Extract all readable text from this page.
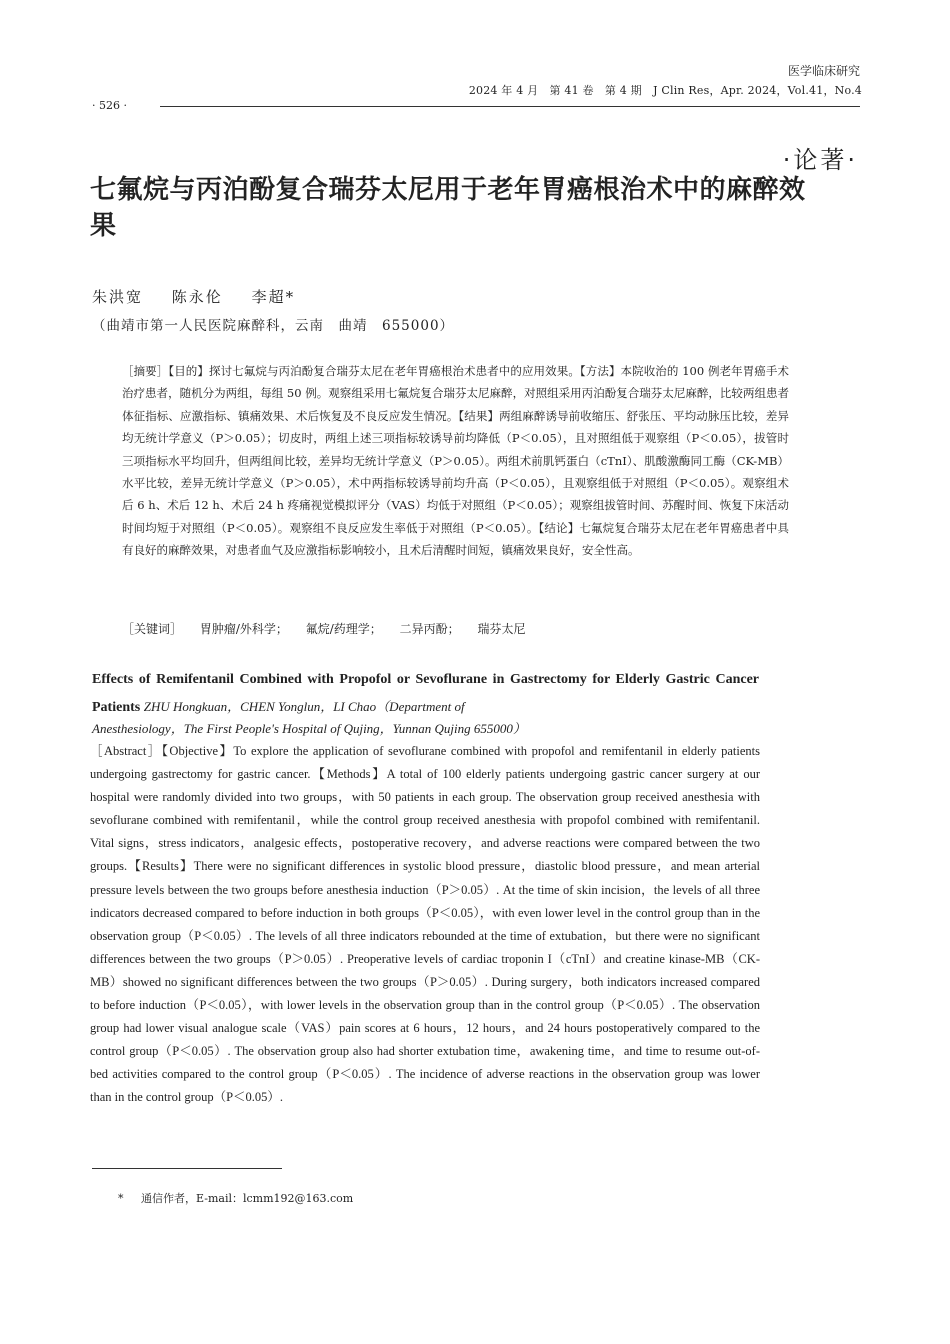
医学临床研究
2024 年 4 月　第 41 卷　第 4 期　J Clin Res，Apr. 2024，Vol.41，No.4
· 526 ·
·论著·
七氟烷与丙泊酚复合瑞芬太尼用于老年胃癌根治术中的麻醉效果
朱洪宽 陈永伦 李超*
（曲靖市第一人民医院麻醉科，云南　曲靖　655000）
［摘要］【目的】探讨七氟烷与丙泊酚复合瑞芬太尼在老年胃癌根治术患者中的应用效果。【方法】本院收治的 100 例老年胃癌手术治疗患者，随机分为两组，每组 50 例。观察组采用七氟烷复合瑞芬太尼麻醉，对照组采用丙泊酚复合瑞芬太尼麻醉，比较两组患者体征指标、应激指标、镇痛效果、术后恢复及不良反应发生情况。【结果】两组麻醉诱导前收缩压、舒张压、平均动脉压比较，差异均无统计学意义（P＞0.05）；切皮时，两组上述三项指标较诱导前均降低（P＜0.05），且对照组低于观察组（P＜0.05），拔管时三项指标水平均回升，但两组间比较，差异均无统计学意义（P＞0.05）。两组术前肌钙蛋白（cTnI）、肌酸激酶同工酶（CK-MB）水平比较，差异无统计学意义（P＞0.05），术中两指标较诱导前均升高（P＜0.05），且观察组低于对照组（P＜0.05）。观察组术后 6 h、术后 12 h、术后 24 h 疼痛视觉模拟评分（VAS）均低于对照组（P＜0.05）；观察组拔管时间、苏醒时间、恢复下床活动时间均短于对照组（P＜0.05）。观察组不良反应发生率低于对照组（P＜0.05）。【结论】七氟烷复合瑞芬太尼在老年胃癌患者中具有良好的麻醉效果，对患者血气及应激指标影响较小，且术后清醒时间短，镇痛效果良好，安全性高。
［关键词］ 胃肿瘤/外科学； 氟烷/药理学； 二异丙酚； 瑞芬太尼
Effects of Remifentanil Combined with Propofol or Sevoflurane in Gastrectomy for Elderly Gastric Cancer Patients ZHU Hongkuan，CHEN Yonglun，LI Chao（Department of
Anesthesiology，The First People's Hospital of Qujing，Yunnan Qujing 655000）
［Abstract］【Objective】To explore the application of sevoflurane combined with propofol and remifentanil in elderly patients undergoing gastrectomy for gastric cancer.【Methods】A total of 100 elderly patients undergoing gastric cancer surgery at our hospital were randomly divided into two groups，with 50 patients in each group. The observation group received anesthesia with sevoflurane combined with remifentanil，while the control group received anesthesia with propofol combined with remifentanil. Vital signs，stress indicators，analgesic effects，postoperative recovery，and adverse reactions were compared between the two groups.【Results】There were no significant differences in systolic blood pressure，diastolic blood pressure，and mean arterial pressure levels between the two groups before anesthesia induction（P＞0.05）. At the time of skin incision，the levels of all three indicators decreased compared to before induction in both groups（P＜0.05），with even lower level in the control group than in the observation group（P＜0.05）. The levels of all three indicators rebounded at the time of extubation，but there were no significant differences between the two groups（P＞0.05）. Preoperative levels of cardiac troponin I（cTnI）and creatine kinase-MB（CK-MB）showed no significant differences between the two groups（P＞0.05）. During surgery，both indicators increased compared to before induction（P＜0.05），with lower levels in the observation group than in the control group（P＜0.05）. The observation group had lower visual analogue scale（VAS）pain scores at 6 hours，12 hours，and 24 hours postoperatively compared to the control group（P＜0.05）. The observation group also had shorter extubation time，awakening time，and time to resume out-of-bed activities compared to the control group（P＜0.05）. The incidence of adverse reactions in the observation group was lower than in the control group（P＜0.05）.
* 通信作者，E-mail：lcmm192@163.com
